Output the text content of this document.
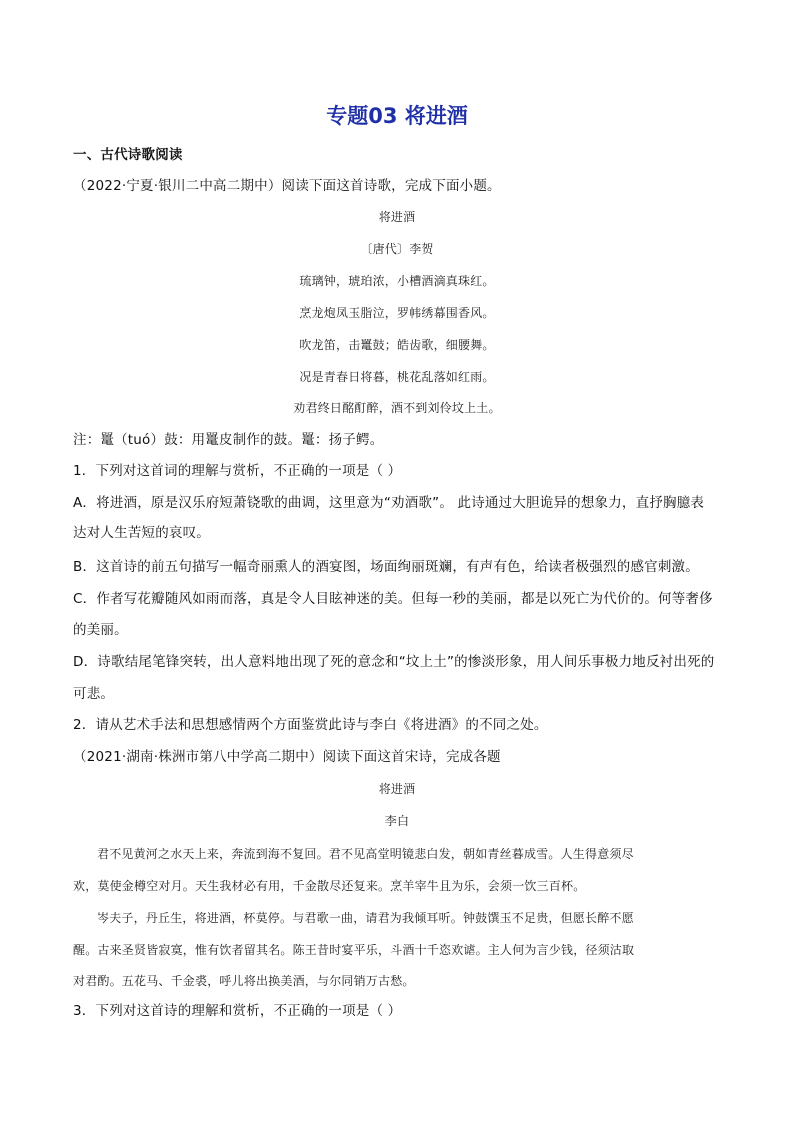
专题03 将进酒
一、古代诗歌阅读
（2022·宁夏·银川二中高二期中）阅读下面这首诗歌，完成下面小题。
将进酒
〔唐代〕李贺
琉璃钟，琥珀浓，小槽酒滴真珠红。
烹龙炮凤玉脂泣，罗帏绣幕围香风。
吹龙笛，击鼍鼓；皓齿歌，细腰舞。
况是青春日将暮，桃花乱落如红雨。
劝君终日酩酊醉，酒不到刘伶坟上土。
注：鼍（tuó）鼓：用鼍皮制作的鼓。鼍：扬子鳄。
1．下列对这首词的理解与赏析，不正确的一项是（ ）
A．将进酒，原是汉乐府短萧铙歌的曲调，这里意为“劝酒歌”。 此诗通过大胆诡异的想象力，直抒胸臆表
达对人生苦短的哀叹。
B．这首诗的前五句描写一幅奇丽熏人的酒宴图，场面绚丽斑斓，有声有色，给读者极强烈的感官刺激。
C．作者写花瓣随风如雨而落，真是令人目眩神迷的美。但每一秒的美丽，都是以死亡为代价的。何等奢侈
的美丽。
D．诗歌结尾笔锋突转，出人意料地出现了死的意念和“坟上土”的惨淡形象，用人间乐事极力地反衬出死的
可悲。
2．请从艺术手法和思想感情两个方面鉴赏此诗与李白《将进酒》的不同之处。
（2021·湖南·株洲市第八中学高二期中）阅读下面这首宋诗，完成各题
将进酒
李白
君不见黄河之水天上来，奔流到海不复回。君不见高堂明镜悲白发，朝如青丝暮成雪。人生得意须尽
欢，莫使金樽空对月。天生我材必有用，千金散尽还复来。烹羊宰牛且为乐，会须一饮三百杯。
岑夫子，丹丘生，将进酒，杯莫停。与君歌一曲，请君为我倾耳听。钟鼓馔玉不足贵，但愿长醉不愿
醒。古来圣贤皆寂寞，惟有饮者留其名。陈王昔时宴平乐，斗酒十千恣欢谑。主人何为言少钱，径须沽取
对君酌。五花马、千金裘，呼儿将出换美酒，与尔同销万古愁。
3．下列对这首诗的理解和赏析，不正确的一项是（ ）
